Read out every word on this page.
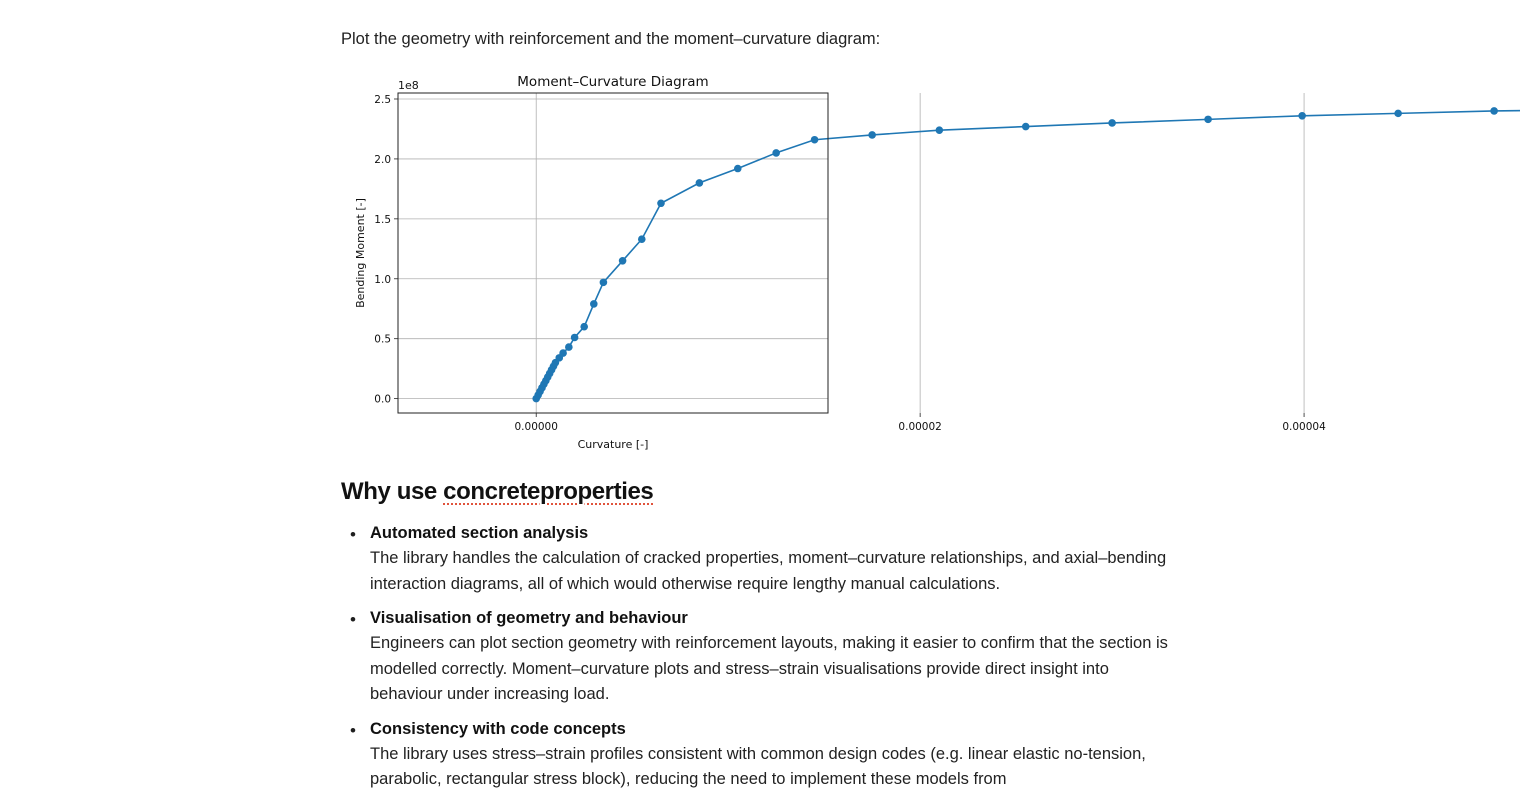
Plot the geometry with reinforcement and the moment–curvature diagram:
0.00000	0.00002	0.00004
0.0
0.5
1.0
1.5
2.0
2.5
Moment–Curvature Diagram
1e8
Curvature [-]
Bending Moment [-]
Why use concreteproperties
• Automated section analysis
The library handles the calculation of cracked properties, moment–curvature relationships, and axial–bending interaction diagrams, all of which would otherwise require lengthy manual calculations.
• Visualisation of geometry and behaviour
Engineers can plot section geometry with reinforcement layouts, making it easier to confirm that the section is modelled correctly. Moment–curvature plots and stress–strain visualisations provide direct insight into behaviour under increasing load.
• Consistency with code concepts
The library uses stress–strain profiles consistent with common design codes (e.g. linear elastic no-tension, parabolic, rectangular stress block), reducing the need to implement these models from
